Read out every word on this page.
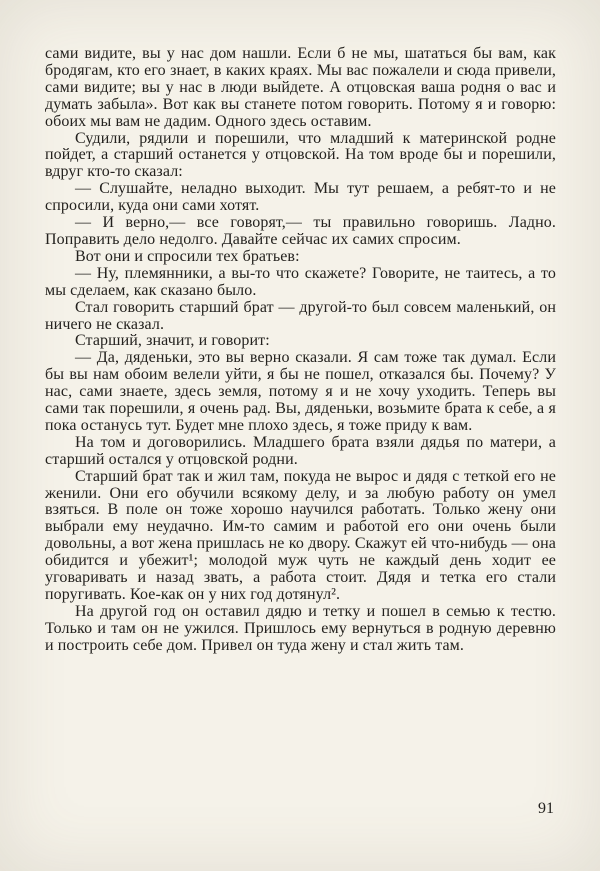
сами видите, вы у нас дом нашли. Если б не мы, шататься бы вам, как бродягам, кто его знает, в каких краях. Мы вас пожалели и сюда привели, сами видите; вы у нас в люди выйдете. А отцовская ваша родня о вас и думать забыла». Вот как вы станете потом говорить. Потому я и говорю: обоих мы вам не дадим. Одного здесь оставим.

Судили, рядили и порешили, что младший к материнской родне пойдет, а старший останется у отцовской. На том вроде бы и порешили, вдруг кто-то сказал:

— Слушайте, неладно выходит. Мы тут решаем, а ребят-то и не спросили, куда они сами хотят.

— И верно,— все говорят,— ты правильно говоришь. Ладно. Поправить дело недолго. Давайте сейчас их самих спросим.

Вот они и спросили тех братьев:

— Ну, племянники, а вы-то что скажете? Говорите, не таитесь, а то мы сделаем, как сказано было.

Стал говорить старший брат — другой-то был совсем маленький, он ничего не сказал.

Старший, значит, и говорит:

— Да, дяденьки, это вы верно сказали. Я сам тоже так думал. Если бы вы нам обоим велели уйти, я бы не пошел, отказался бы. Почему? У нас, сами знаете, здесь земля, потому я и не хочу уходить. Теперь вы сами так порешили, я очень рад. Вы, дяденьки, возьмите брата к себе, а я пока останусь тут. Будет мне плохо здесь, я тоже приду к вам.

На том и договорились. Младшего брата взяли дядья по матери, а старший остался у отцовской родни.

Старший брат так и жил там, покуда не вырос и дядя с теткой его не женили. Они его обучили всякому делу, и за любую работу он умел взяться. В поле он тоже хорошо научился работать. Только жену они выбрали ему неудачно. Им-то самим и работой его они очень были довольны, а вот жена пришлась не ко двору. Скажут ей что-нибудь — она обидится и убежит¹; молодой муж чуть не каждый день ходит ее уговаривать и назад звать, а работа стоит. Дядя и тетка его стали поругивать. Кое-как он у них год дотянул².

На другой год он оставил дядю и тетку и пошел в семью к тестю. Только и там он не ужился. Пришлось ему вернуться в родную деревню и построить себе дом. Привел он туда жену и стал жить там.

91
